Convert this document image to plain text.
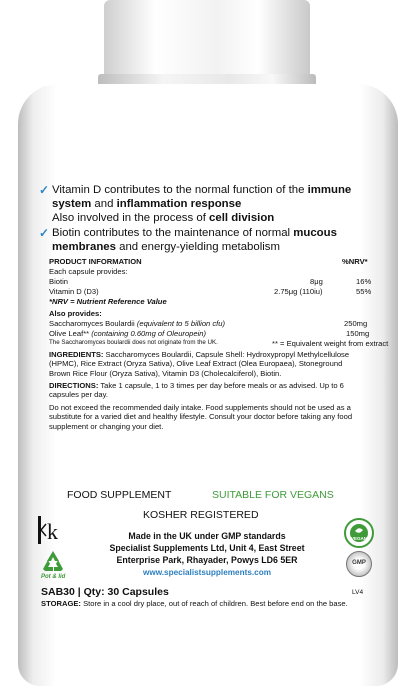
✓ Vitamin D contributes to the normal function of the immune
system and inflammation response
Also involved in the process of cell division
✓ Biotin contributes to the maintenance of normal mucous
membranes and energy-yielding metabolism
PRODUCT INFORMATION	%NRV*
Each capsule provides:
Biotin	8μg	16%
Vitamin D (D3)	2.75μg (110iu)	55%
*NRV = Nutrient Reference Value
Also provides:
Saccharomyces Boulardii (equivalent to 5 billion cfu)	250mg
Olive Leaf** (containing 0.60mg of Oleuropein)	150mg
The Saccharomyces boulardii does not originate from the UK.	** = Equivalent weight from extract
INGREDIENTS: Saccharomyces Boulardii, Capsule Shell: Hydroxypropyl Methylcellulose
(HPMC), Rice Extract (Oryza Sativa), Olive Leaf Extract (Olea Europaea), Stoneground
Brown Rice Flour (Oryza Sativa), Vitamin D3 (Cholecalciferol), Biotin.
DIRECTIONS: Take 1 capsule, 1 to 3 times per day before meals or as advised. Up to 6
capsules per day.
Do not exceed the recommended daily intake. Food supplements should not be used as a
substitute for a varied diet and healthy lifestyle. Consult your doctor before taking any food
supplement or changing your diet.
FOOD SUPPLEMENT	SUITABLE FOR VEGANS
KOSHER REGISTERED
k
Pot & lid
Made in the UK under GMP standards
Specialist Supplements Ltd, Unit 4, East Street
Enterprise Park, Rhayader, Powys LD6 5ER
www.specialistsupplements.com
VEGAN
GMP
SAB30 | Qty: 30 Capsules	LV4
STORAGE: Store in a cool dry place, out of reach of children. Best before end on the base.
